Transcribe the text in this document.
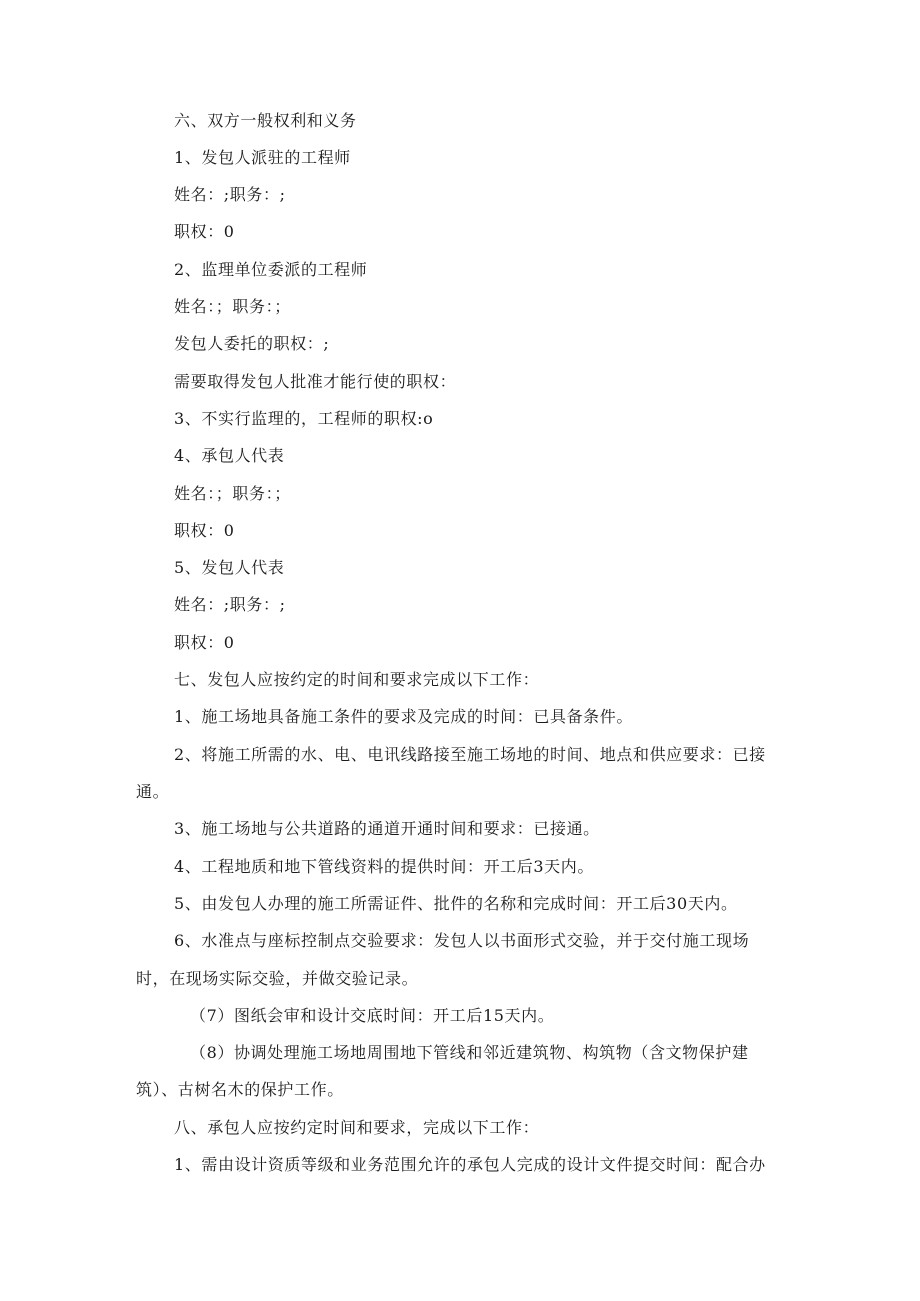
六、双方一般权利和义务
1、发包人派驻的工程师
姓名：;职务：;
职权：0
2、监理单位委派的工程师
姓名：；职务：；
发包人委托的职权：;
需要取得发包人批准才能行使的职权：
3、不实行监理的，工程师的职权:o
4、承包人代表
姓名：；职务：；
职权：0
5、发包人代表
姓名：;职务：;
职权：0
七、发包人应按约定的时间和要求完成以下工作：
1、施工场地具备施工条件的要求及完成的时间：已具备条件。
2、将施工所需的水、电、电讯线路接至施工场地的时间、地点和供应要求：已接
通。
3、施工场地与公共道路的通道开通时间和要求：已接通。
4、工程地质和地下管线资料的提供时间：开工后3天内。
5、由发包人办理的施工所需证件、批件的名称和完成时间：开工后30天内。
6、水准点与座标控制点交验要求：发包人以书面形式交验，并于交付施工现场
时，在现场实际交验，并做交验记录。
（7）图纸会审和设计交底时间：开工后15天内。
（8）协调处理施工场地周围地下管线和邻近建筑物、构筑物（含文物保护建
筑）、古树名木的保护工作。
八、承包人应按约定时间和要求，完成以下工作：
1、需由设计资质等级和业务范围允许的承包人完成的设计文件提交时间：配合办
